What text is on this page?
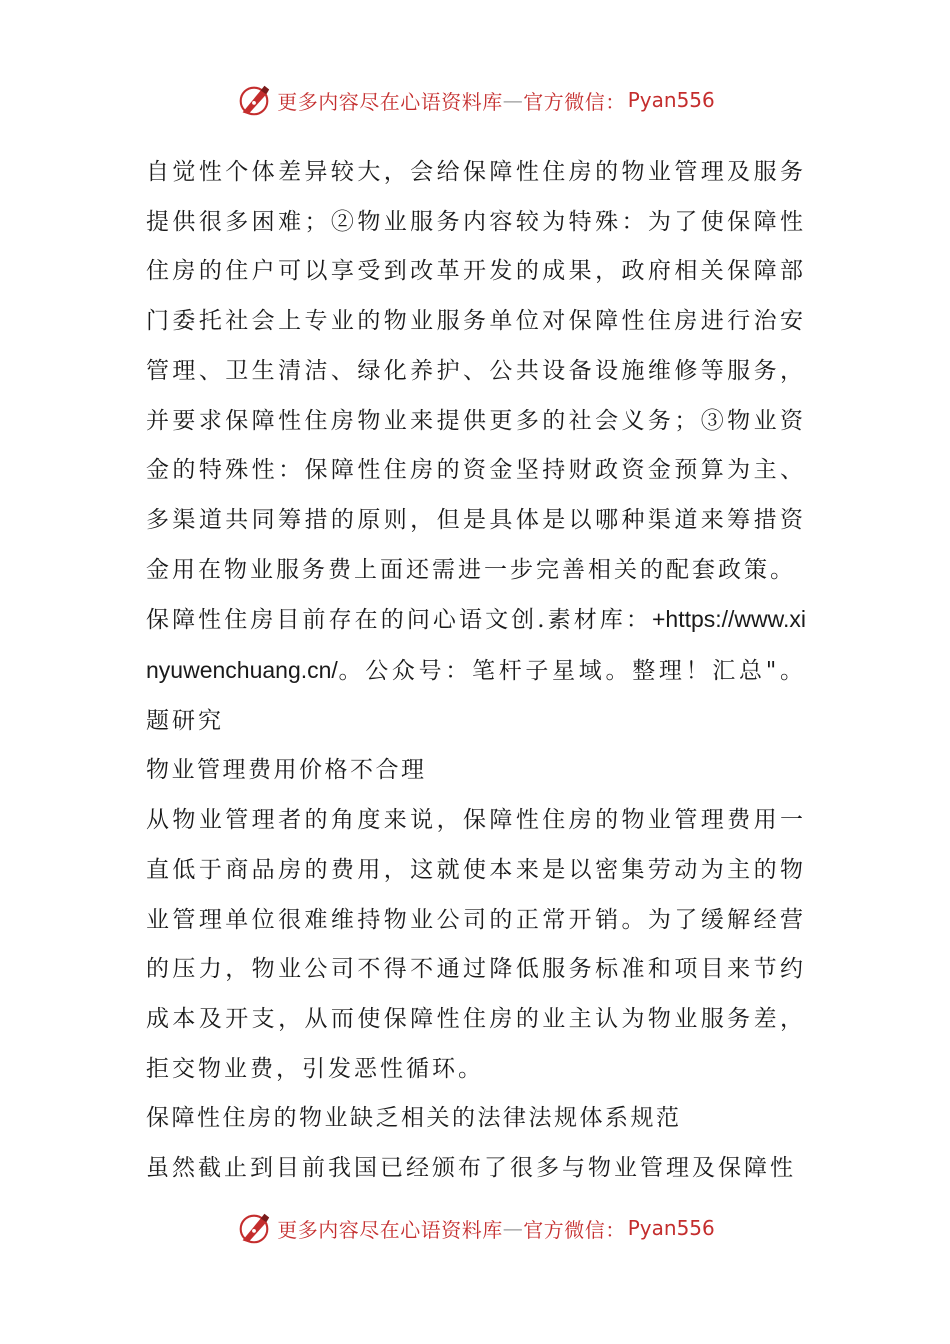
更多内容尽在心语资料库 — 官方微信： Pyan556

自觉性个体差异较大，会给保障性住房的物业管理及服务提供很多困难；②物业服务内容较为特殊：为了使保障性住房的住户可以享受到改革开发的成果，政府相关保障部门委托社会上专业的物业服务单位对保障性住房进行治安管理、卫生清洁、绿化养护、公共设备设施维修等服务，并要求保障性住房物业来提供更多的社会义务；③物业资金的特殊性：保障性住房的资金坚持财政资金预算为主、多渠道共同筹措的原则，但是具体是以哪种渠道来筹措资金用在物业服务费上面还需进一步完善相关的配套政策。

保障性住房目前存在的问心语文创.素材库：+https://www.xinyuwenchuang.cn/。公众号：笔杆子星域。整理！汇总"。题研究

物业管理费用价格不合理

从物业管理者的角度来说，保障性住房的物业管理费用一直低于商品房的费用，这就使本来是以密集劳动为主的物业管理单位很难维持物业公司的正常开销。为了缓解经营的压力，物业公司不得不通过降低服务标准和项目来节约成本及开支，从而使保障性住房的业主认为物业服务差，拒交物业费，引发恶性循环。

保障性住房的物业缺乏相关的法律法规体系规范

虽然截止到目前我国已经颁布了很多与物业管理及保障性

更多内容尽在心语资料库 — 官方微信： Pyan556
